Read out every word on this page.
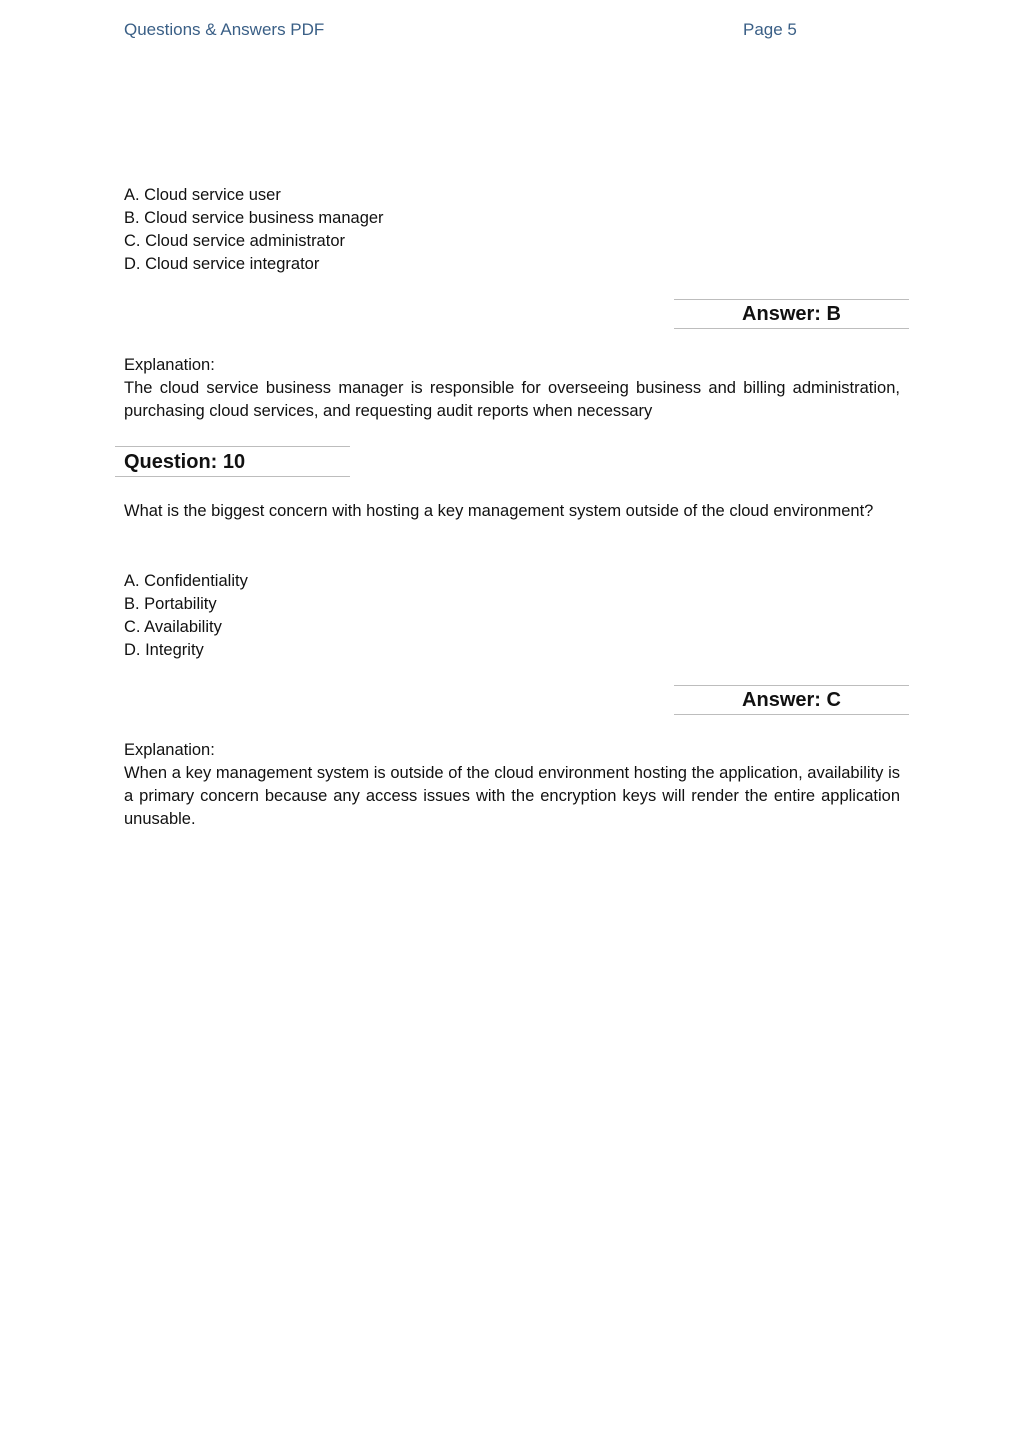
Questions & Answers PDF	Page 5
A. Cloud service user
B. Cloud service business manager
C. Cloud service administrator
D. Cloud service integrator
Answer: B
Explanation:
The cloud service business manager is responsible for overseeing business and billing administration, purchasing cloud services, and requesting audit reports when necessary
Question: 10
What is the biggest concern with hosting a key management system outside of the cloud environment?
A. Confidentiality
B. Portability
C. Availability
D. Integrity
Answer: C
Explanation:
When a key management system is outside of the cloud environment hosting the application, availability is a primary concern because any access issues with the encryption keys will render the entire application unusable.
